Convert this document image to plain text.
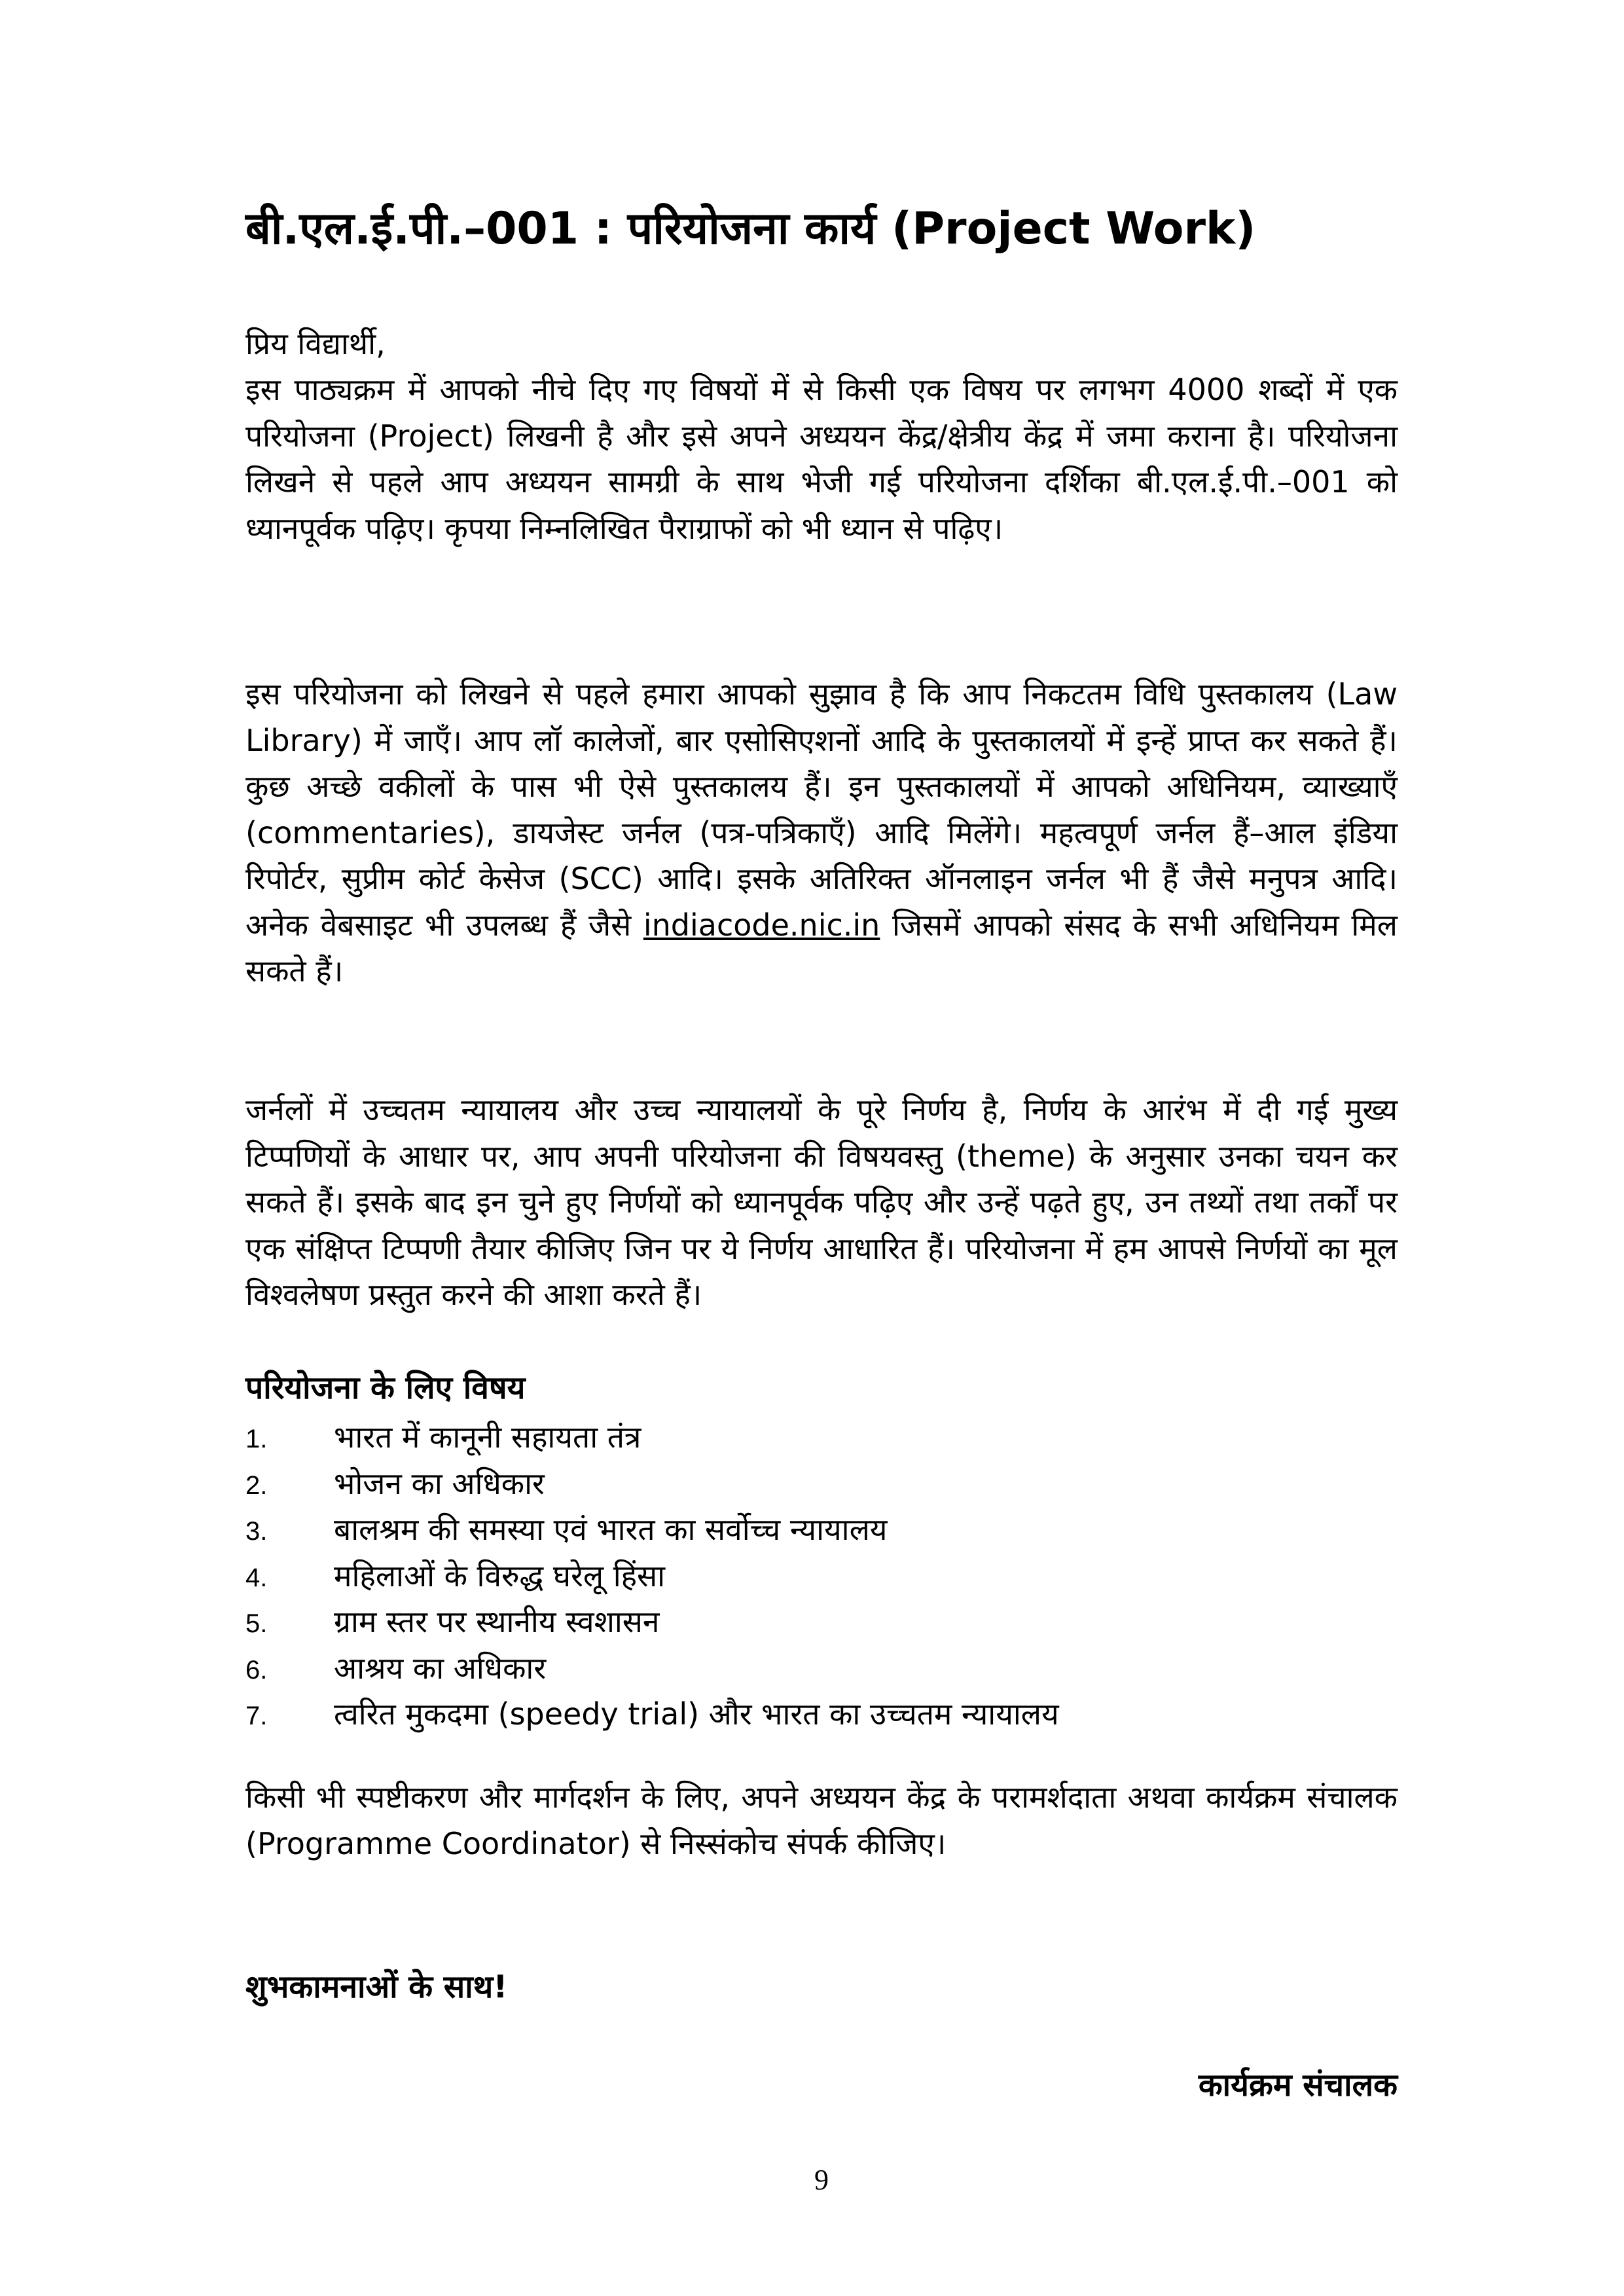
बी.एल.ई.पी.–001 : परियोजना कार्य (Project Work)
प्रिय विद्यार्थी,
इस पाठ्यक्रम में आपको नीचे दिए गए विषयों में से किसी एक विषय पर लगभग 4000 शब्दों में एक परियोजना (Project) लिखनी है और इसे अपने अध्ययन केंद्र/क्षेत्रीय केंद्र में जमा कराना है। परियोजना लिखने से पहले आप अध्ययन सामग्री के साथ भेजी गई परियोजना दर्शिका बी.एल.ई.पी.–001 को ध्यानपूर्वक पढ़िए। कृपया निम्नलिखित पैराग्राफों को भी ध्यान से पढ़िए।
इस परियोजना को लिखने से पहले हमारा आपको सुझाव है कि आप निकटतम विधि पुस्तकालय (Law Library) में जाएँ। आप लॉ कालेजों, बार एसोसिएशनों आदि के पुस्तकालयों में इन्हें प्राप्त कर सकते हैं। कुछ अच्छे वकीलों के पास भी ऐसे पुस्तकालय हैं। इन पुस्तकालयों में आपको अधिनियम, व्याख्याएँ (commentaries), डायजेस्ट जर्नल (पत्र-पत्रिकाएँ) आदि मिलेंगे। महत्वपूर्ण जर्नल हैं–आल इंडिया रिपोर्टर, सुप्रीम कोर्ट केसेज (SCC) आदि। इसके अतिरिक्त ऑनलाइन जर्नल भी हैं जैसे मनुपत्र आदि। अनेक वेबसाइट भी उपलब्ध हैं जैसे indiacode.nic.in जिसमें आपको संसद के सभी अधिनियम मिल सकते हैं।
जर्नलों में उच्चतम न्यायालय और उच्च न्यायालयों के पूरे निर्णय है, निर्णय के आरंभ में दी गई मुख्य टिप्पणियों के आधार पर, आप अपनी परियोजना की विषयवस्तु (theme) के अनुसार उनका चयन कर सकते हैं। इसके बाद इन चुने हुए निर्णयों को ध्यानपूर्वक पढ़िए और उन्हें पढ़ते हुए, उन तथ्यों तथा तर्कों पर एक संक्षिप्त टिप्पणी तैयार कीजिए जिन पर ये निर्णय आधारित हैं। परियोजना में हम आपसे निर्णयों का मूल विश्वलेषण प्रस्तुत करने की आशा करते हैं।
परियोजना के लिए विषय
1. भारत में कानूनी सहायता तंत्र
2. भोजन का अधिकार
3. बालश्रम की समस्या एवं भारत का सर्वोच्च न्यायालय
4. महिलाओं के विरुद्ध घरेलू हिंसा
5. ग्राम स्तर पर स्थानीय स्वशासन
6. आश्रय का अधिकार
7. त्वरित मुकदमा (speedy trial) और भारत का उच्चतम न्यायालय
किसी भी स्पष्टीकरण और मार्गदर्शन के लिए, अपने अध्ययन केंद्र के परामर्शदाता अथवा कार्यक्रम संचालक (Programme Coordinator) से निस्संकोच संपर्क कीजिए।
शुभकामनाओं के साथ!
कार्यक्रम संचालक
9
